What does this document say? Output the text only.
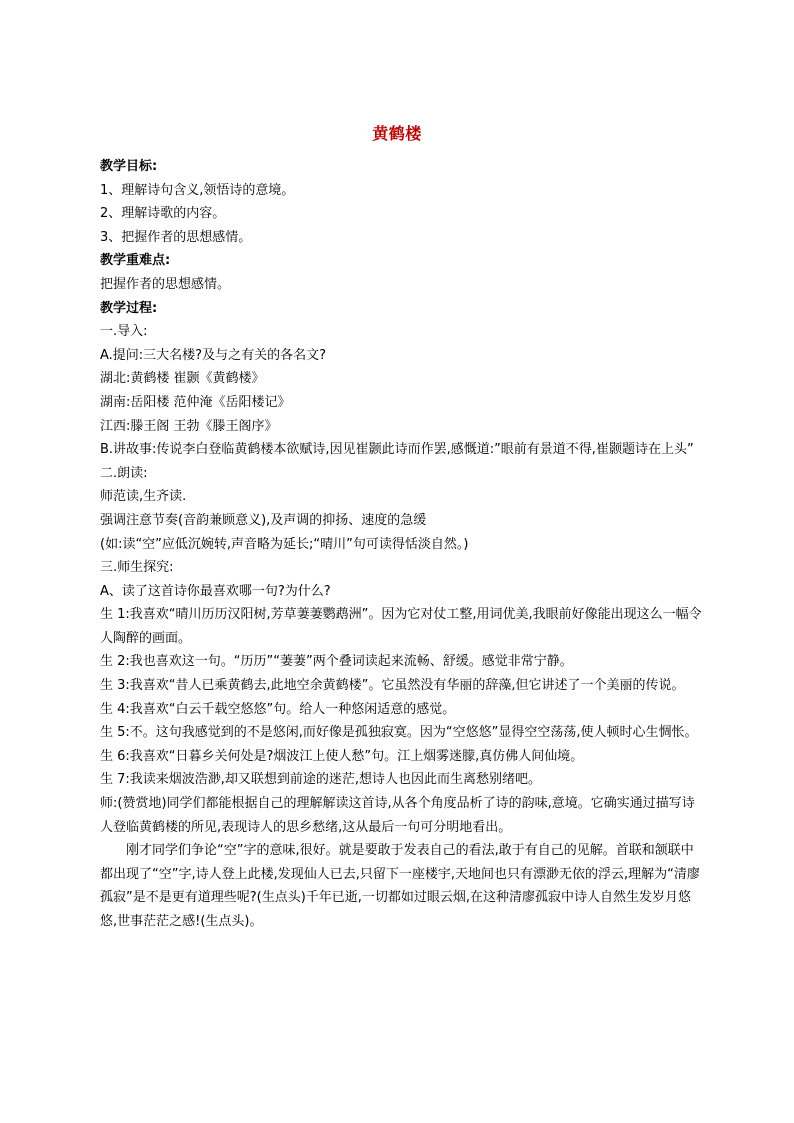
黄鹤楼
教学目标:
1、理解诗句含义,领悟诗的意境。
2、理解诗歌的内容。
3、把握作者的思想感情。
教学重难点:
把握作者的思想感情。
教学过程:
一.导入:
A.提问:三大名楼?及与之有关的各名文?
湖北:黄鹤楼 崔颢《黄鹤楼》
湖南:岳阳楼 范仲淹《岳阳楼记》
江西:滕王阁 王勃《滕王阁序》
B.讲故事:传说李白登临黄鹤楼本欲赋诗,因见崔颢此诗而作罢,感慨道:”眼前有景道不得,崔颢题诗在上头”
二.朗读:
师范读,生齐读.
强调注意节奏(音韵兼顾意义),及声调的抑扬、速度的急缓
(如:读“空”应低沉婉转,声音略为延长;“晴川”句可读得恬淡自然。)
三.师生探究:
A、读了这首诗你最喜欢哪一句?为什么?
生 1:我喜欢“晴川历历汉阳树,芳草萋萋鹦鹉洲”。因为它对仗工整,用词优美,我眼前好像能出现这么一幅令人陶醉的画面。
生 2:我也喜欢这一句。“历历”“萋萋”两个叠词读起来流畅、舒缓。感觉非常宁静。
生 3:我喜欢“昔人已乘黄鹤去,此地空余黄鹤楼”。它虽然没有华丽的辞藻,但它讲述了一个美丽的传说。
生 4:我喜欢“白云千载空悠悠”句。给人一种悠闲适意的感觉。
生 5:不。这句我感觉到的不是悠闲,而好像是孤独寂寞。因为“空悠悠”显得空空荡荡,使人顿时心生惆怅。
生 6:我喜欢“日暮乡关何处是?烟波江上使人愁”句。江上烟雾迷朦,真仿佛人间仙境。
生 7:我读来烟波浩渺,却又联想到前途的迷茫,想诗人也因此而生离愁别绪吧。
师:(赞赏地)同学们都能根据自己的理解解读这首诗,从各个角度品析了诗的韵味,意境。它确实通过描写诗人登临黄鹤楼的所见,表现诗人的思乡愁绪,这从最后一句可分明地看出。
刚才同学们争论“空”字的意味,很好。就是要敢于发表自己的看法,敢于有自己的见解。首联和颔联中都出现了“空”字,诗人登上此楼,发现仙人已去,只留下一座楼宇,天地间也只有漂渺无依的浮云,理解为“清廖孤寂”是不是更有道理些呢?(生点头)千年已逝,一切都如过眼云烟,在这种清廖孤寂中诗人自然生发岁月悠悠,世事茫茫之感!(生点头)。
